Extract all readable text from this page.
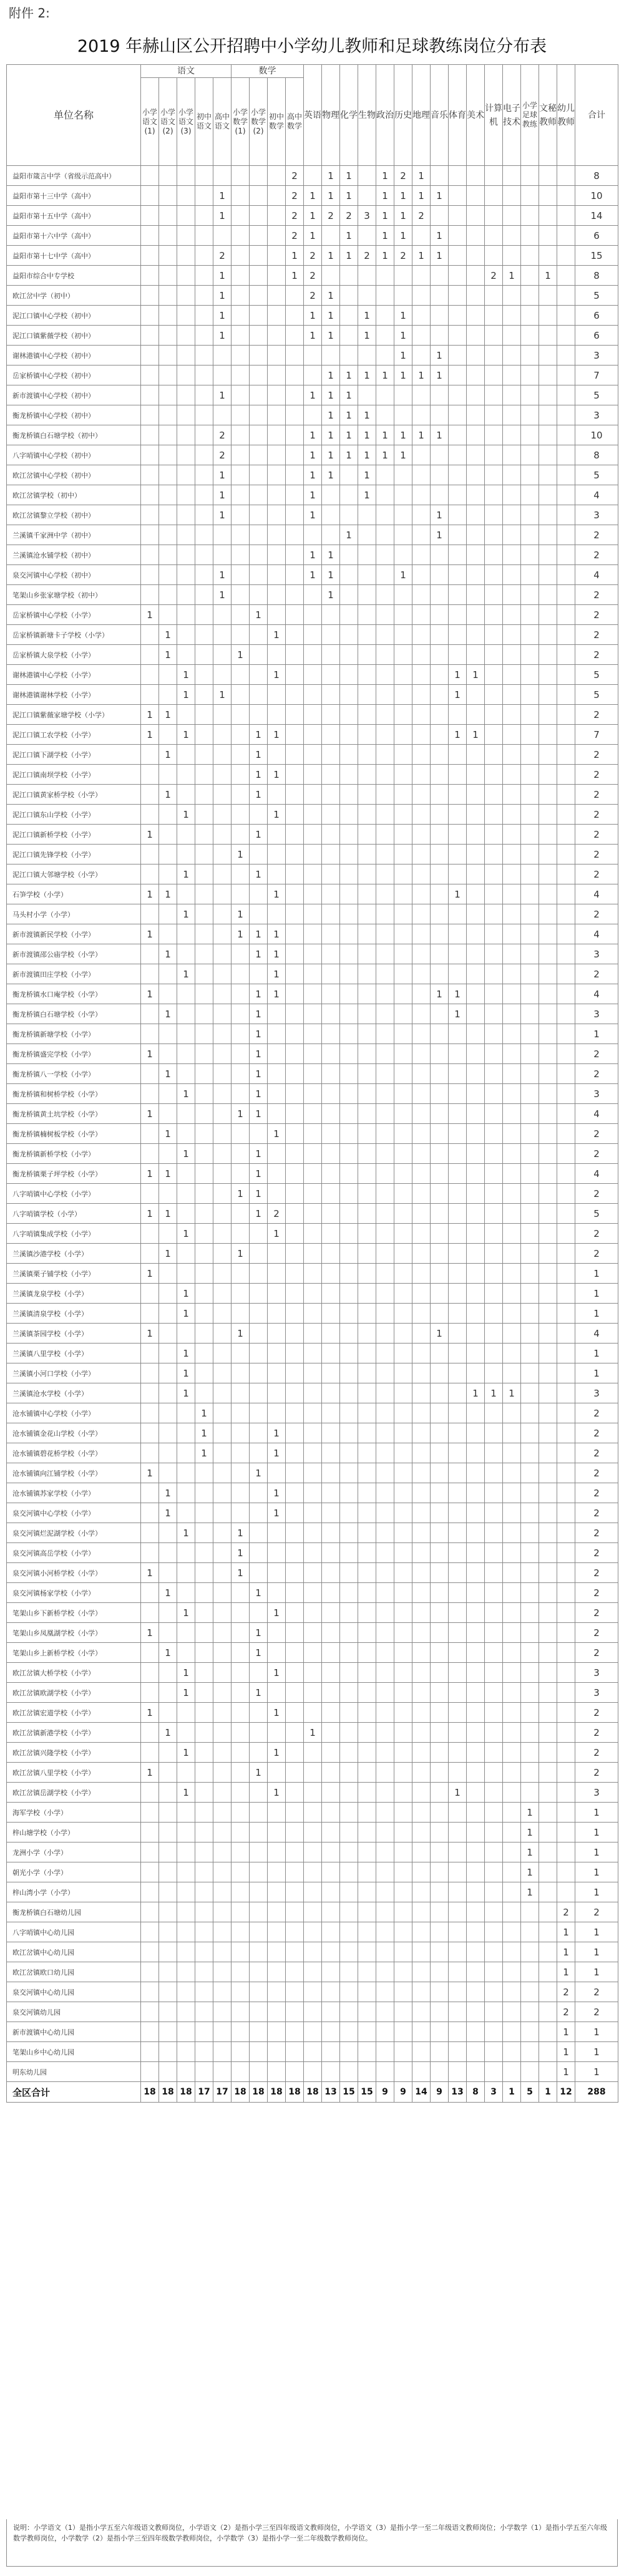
附件 2:
2019 年赫山区公开招聘中小学幼儿教师和足球教练岗位分布表
单位名称	语文					数学				英语	物理	化学	生物	政治	历史	地理	音乐	体育	美术	计算机	电子技术	小学足球教练	文秘教师	幼儿教师	合计
	小学语文(1)	小学语文(2)	小学语文(3)	初中语文	高中语文	小学数学(1)	小学数学(2)	初中数学	高中数学																
益阳市箴言中学（省级示范高中）									2		1	1		1	2	1									8
益阳市第十三中学（高中）					1				2	1	1	1		1	1	1	1								10
益阳市第十五中学（高中）					1				2	1	2	2	3	1	1	2									14
益阳市第十六中学（高中）									2	1		1		1	1		1								6
益阳市第十七中学（高中）					2				1	2	1	1	2	1	2	1	1								15
益阳市综合中专学校					1				1	2										2	1		1		8
欧江岔中学（初中）					1					2	1														5
泥江口镇中心学校（初中）					1					1	1		1		1										6
泥江口镇紫薇学校（初中）					1					1	1		1		1										6
谢林港镇中心学校（初中）															1		1								3
岳家桥镇中心学校（初中）											1	1	1	1	1	1	1								7
新市渡镇中心学校（初中）					1					1	1	1													5
衡龙桥镇中心学校（初中）											1	1	1												3
衡龙桥镇白石塘学校（初中）					2					1	1	1	1	1	1	1	1								10
八字哨镇中心学校（初中）					2					1	1	1	1	1	1										8
欧江岔镇中心学校（初中）					1					1	1		1												5
欧江岔镇学校（初中）					1					1			1												4
欧江岔镇黎立学校（初中）					1					1							1								3
兰溪镇千家洲中学（初中）												1					1								2
兰溪镇沧水铺学校（初中）										1	1														2
泉交河镇中心学校（初中）					1					1	1				1										4
笔架山乡张家塘学校（初中）					1						1														2
岳家桥镇中心学校（小学）	1						1																		2
岳家桥镇新塘卡子学校（小学）		1						1																	2
岳家桥镇大泉学校（小学）		1				1																			2
谢林港镇中心学校（小学）			1					1										1	1						5
谢林港镇谢林学校（小学）			1		1													1							5
泥江口镇紫薇家塘学校（小学）	1	1																							2
泥江口镇工农学校（小学）	1		1				1	1										1	1						7
泥江口镇下湖学校（小学）		1					1																		2
泥江口镇南坝学校（小学）							1	1																	2
泥江口镇黄家桥学校（小学）		1					1																		2
泥江口镇东山学校（小学）			1					1																	2
泥江口镇新桥学校（小学）	1						1																		2
泥江口镇先锋学校（小学）						1																			2
泥江口镇大邻塘学校（小学）			1				1																		2
石笋学校（小学）	1	1						1										1							4
马头村小学（小学）			1			1																			2
新市渡镇新民学校（小学）	1					1	1	1																	4
新市渡镇邵公庙学校（小学）		1					1	1																	3
新市渡镇田庄学校（小学）			1					1																	2
衡龙桥镇水口庵学校（小学）	1						1	1									1	1							4
衡龙桥镇白石塘学校（小学）		1					1											1							3
衡龙桥镇新塘学校（小学）							1																		1
衡龙桥镇盛完学校（小学）	1						1																		2
衡龙桥镇八一学校（小学）		1					1																		2
衡龙桥镇和树桥学校（小学）			1				1																		3
衡龙桥镇黄土坑学校（小学）	1					1	1																		4
衡龙桥镇楠树板学校（小学）		1						1																	2
衡龙桥镇新桥学校（小学）			1				1																		2
衡龙桥镇栗子坪学校（小学）	1	1					1																		4
八字哨镇中心学校（小学）						1	1																		2
八字哨镇学校（小学）	1	1					1	2																	5
八字哨镇集成学校（小学）			1					1																	2
兰溪镇沙港学校（小学）		1				1																			2
兰溪镇栗子铺学校（小学）	1																								1
兰溪镇龙泉学校（小学）			1																						1
兰溪镇清泉学校（小学）			1																						1
兰溪镇茶园学校（小学）	1					1											1								4
兰溪镇八里学校（小学）			1																						1
兰溪镇小河口学校（小学）			1																						1
兰溪镇沧水学校（小学）			1																1	1	1				3
沧水铺镇中心学校（小学）				1																					2
沧水铺镇金花山学校（小学）				1				1																	2
沧水铺镇碧花桥学校（小学）				1				1																	2
沧水铺镇向江铺学校（小学）	1						1																		2
沧水铺镇苏家学校（小学）		1						1																	2
泉交河镇中心学校（小学）		1						1																	2
泉交河镇烂泥湖学校（小学）			1			1																			2
泉交河镇高岳学校（小学）						1																			2
泉交河镇小河桥学校（小学）	1					1																			2
泉交河镇杨家学校（小学）		1					1																		2
笔架山乡下新桥学校（小学）			1					1																	2
笔架山乡凤凰湖学校（小学）	1						1																		2
笔架山乡上新桥学校（小学）		1					1																		2
欧江岔镇大桥学校（小学）			1					1																	3
欧江岔镇欧湖学校（小学）			1				1																		3
欧江岔镇宏道学校（小学）	1							1																	2
欧江岔镇新港学校（小学）		1								1															2
欧江岔镇兴隆学校（小学）			1					1																	2
欧江岔镇八里学校（小学）	1						1																		2
欧江岔镇岳湖学校（小学）			1					1										1							3
海军学校（小学）																						1			1
梓山塘学校（小学）																						1			1
龙洲小学（小学）																						1			1
朝光小学（小学）																						1			1
梓山湾小学（小学）																						1			1
衡龙桥镇白石塘幼儿园																								2	2
八字哨镇中心幼儿园																								1	1
欧江岔镇中心幼儿园																								1	1
欧江岔镇欧口幼儿园																								1	1
泉交河镇中心幼儿园																								2	2
泉交河镇幼儿园																								2	2
新市渡镇中心幼儿园																								1	1
笔架山乡中心幼儿园																								1	1
明东幼儿园																								1	1
全区合计	18	18	18	17	17	18	18	18	18	18	13	15	15	9	9	14	9	13	8	3	1	5	1	12	288
说明：小学语文（1）是指小学五至六年级语文教师岗位，小学语文（2）是指小学三至四年级语文教师岗位，小学语文（3）是指小学一至二年级语文教师岗位；小学数学（1）是指小学五至六年级数学教师岗位，小学数学（2）是指小学三至四年级数学教师岗位，小学数学（3）是指小学一至二年级数学教师岗位。
